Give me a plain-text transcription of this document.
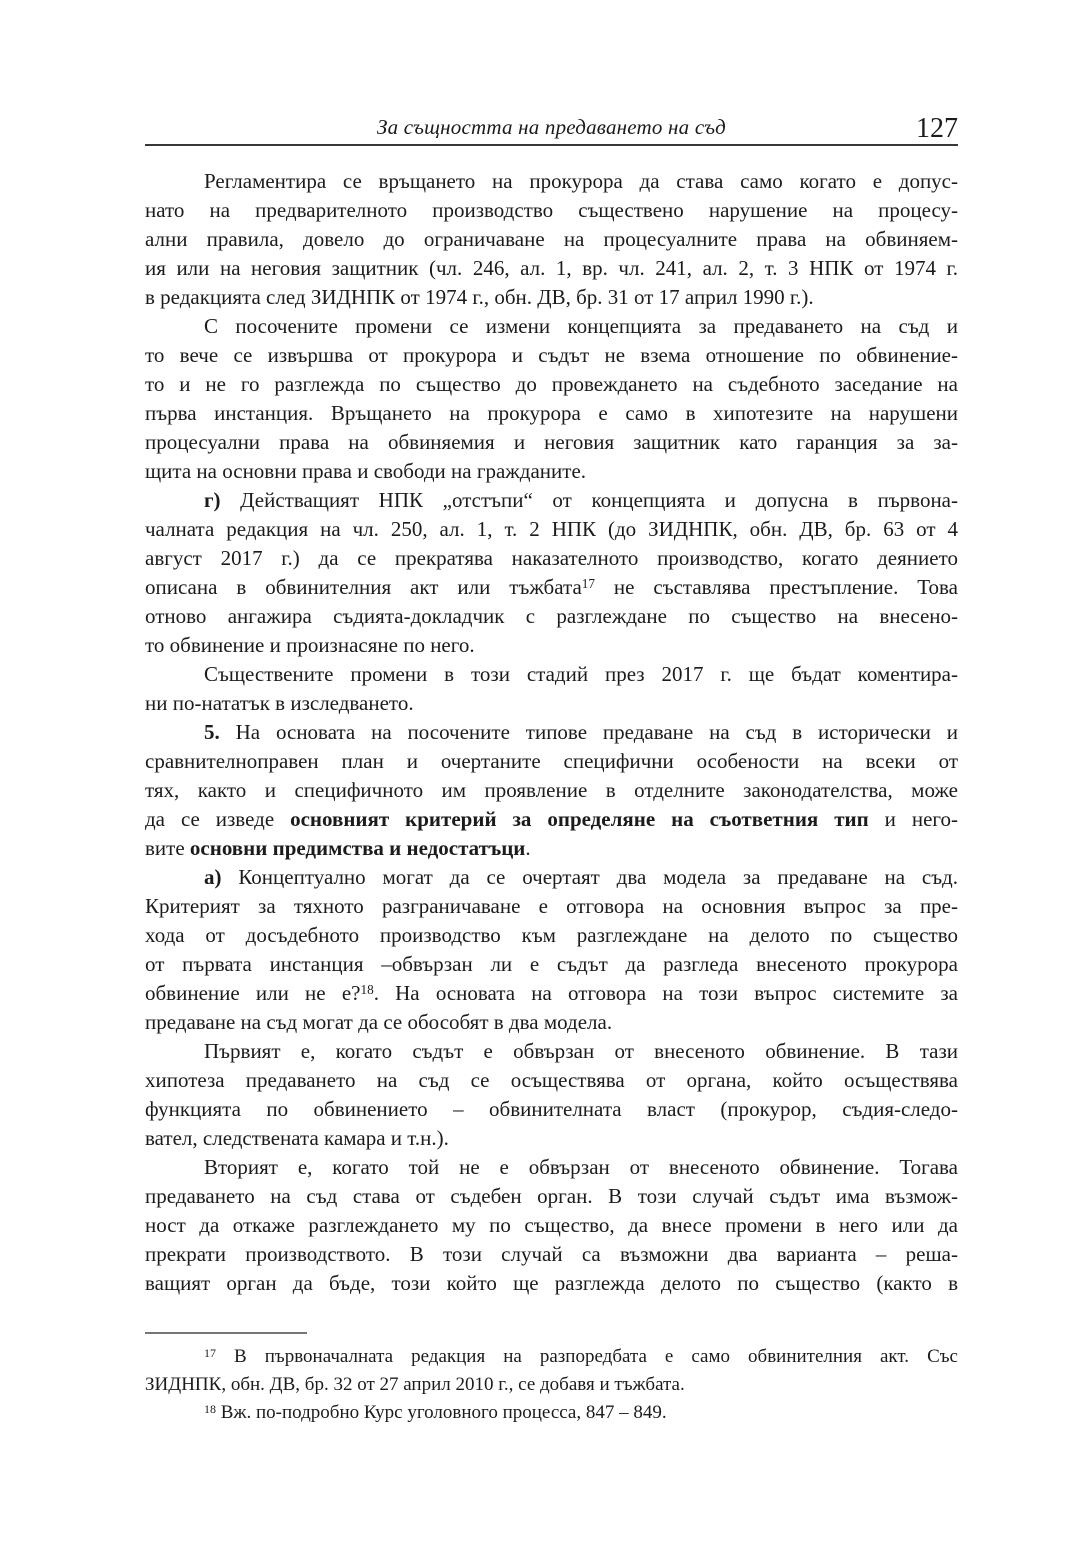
За същността на предаването на съд	127
Регламентира се връщането на прокурора да става само когато е допус-
нато на предварителното производство съществено нарушение на процесу-
ални правила, довело до ограничаване на процесуалните права на обвиняем-
ия или на неговия защитник (чл. 246, ал. 1, вр. чл. 241, ал. 2, т. 3 НПК от 1974 г.
в редакцията след ЗИДНПК от 1974 г., обн. ДВ, бр. 31 от 17 април 1990 г.).
С посочените промени се измени концепцията за предаването на съд и
то вече се извършва от прокурора и съдът не взема отношение по обвинение-
то и не го разглежда по същество до провеждането на съдебното заседание на
първа инстанция. Връщането на прокурора е само в хипотезите на нарушени
процесуални права на обвиняемия и неговия защитник като гаранция за за-
щита на основни права и свободи на гражданите.
г) Действащият НПК „отстъпи“ от концепцията и допусна в първона-
чалната редакция на чл. 250, ал. 1, т. 2 НПК (до ЗИДНПК, обн. ДВ, бр. 63 от 4
август 2017 г.) да се прекратява наказателното производство, когато деянието
описана в обвинителния акт или тъжбата$^{17}$ не съставлява престъпление. Това
отново ангажира съдията-докладчик с разглеждане по същество на внесено-
то обвинение и произнасяне по него.
Съществените промени в този стадий през 2017 г. ще бъдат коментира-
ни по-нататък в изследването.
5. На основата на посочените типове предаване на съд в исторически и
сравнителноправен план и очертаните специфични особености на всеки от
тях, както и специфичното им проявление в отделните законодателства, може
да се изведе основният критерий за определяне на съответния тип и него-
вите основни предимства и недостатъци.
а) Концептуално могат да се очертаят два модела за предаване на съд.
Критерият за тяхното разграничаване е отговора на основния въпрос за пре-
хода от досъдебното производство към разглеждане на делото по същество
от първата инстанция –обвързан ли е съдът да разгледа внесеното прокурора
обвинение или не е?$^{18}$. На основата на отговора на този въпрос системите за
предаване на съд могат да се обособят в два модела.
Първият е, когато съдът е обвързан от внесеното обвинение. В тази
хипотеза предаването на съд се осъществява от органа, който осъществява
функцията по обвинението – обвинителната власт (прокурор, съдия-следо-
вател, следствената камара и т.н.).
Вторият е, когато той не е обвързан от внесеното обвинение. Тогава
предаването на съд става от съдебен орган. В този случай съдът има възмож-
ност да откаже разглеждането му по същество, да внесе промени в него или да
прекрати производството. В този случай са възможни два варианта – реша-
ващият орган да бъде, този който ще разглежда делото по същество (както в
$^{17}$ В първоначалната редакция на разпоредбата е само обвинителния акт. Със
ЗИДНПК, обн. ДВ, бр. 32 от 27 април 2010 г., се добавя и тъжбата.
$^{18}$ Вж. по-подробно Курс уголовного процесса, 847 – 849.
